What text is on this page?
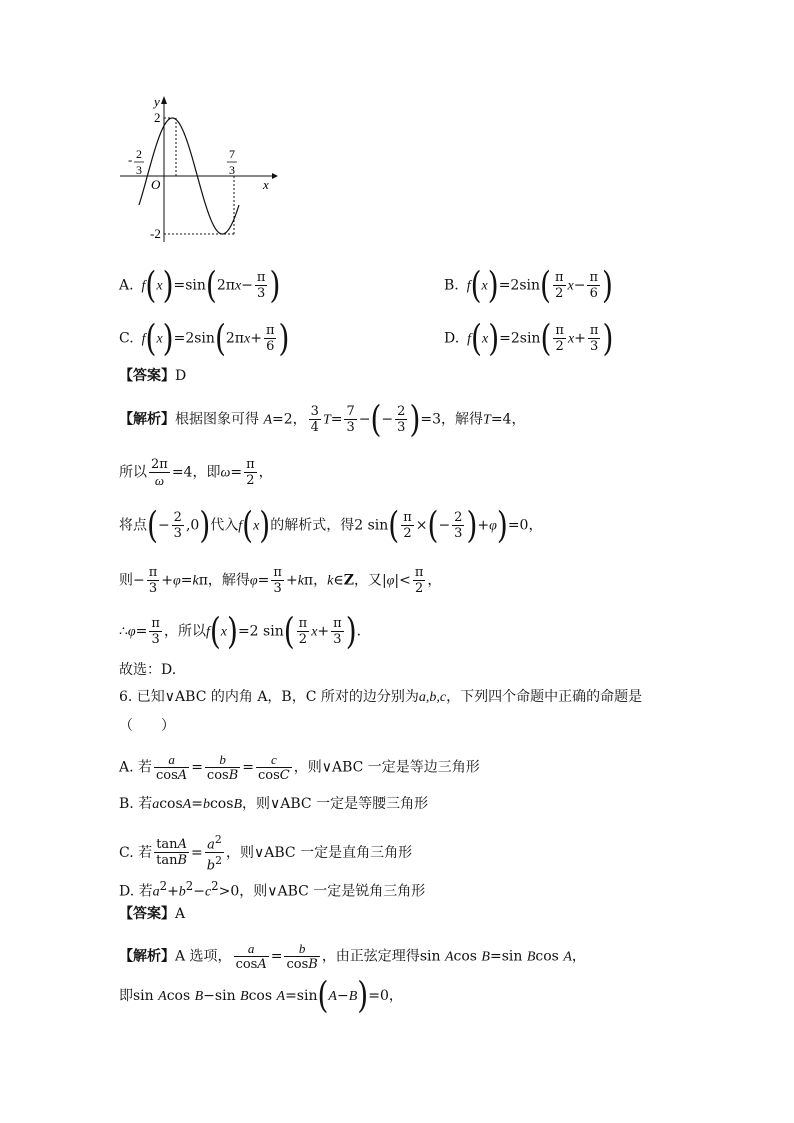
y
x
O
2
-2
- 2
3
7
3
A.  $f(x)=\sin(2\pi x- \frac{\pi}{3}$ )	B.  $f(x)=2\sin( \frac{\pi}{2} x- \frac{\pi}{6}$ )
C.  $f(x)=2\sin(2\pi x+ \frac{\pi}{6}$ )	D.  $f(x)=2\sin( \frac{\pi}{2} x+ \frac{\pi}{3}$ )
【答案】D
【解析】根据图象可得 A=2， $\frac{3}{4} T= \frac{7}{3}$ −(− $\frac{2}{3} )=3$，解得T=4，
所以 $\frac{2\pi}{\omega} =4$，即$\omega= \frac{\pi}{2}$ ，
将点(− $\frac{2}{3} ,0$)代入f(x)的解析式，得2 $\sin( \frac{\pi}{2}$ ×(− $\frac{2}{3} )+\varphi)=0$，
则− $\frac{\pi}{3} +\varphi=k\pi$，解得$\varphi= \frac{\pi}{3} +k\pi$，k∈Z，又$|\varphi|< \frac{\pi}{2}$ ，
∴φ= $\frac{\pi}{3}$ ，所以f(x)=2 $\sin( \frac{\pi}{2} x+ \frac{\pi}{3}$ ).
故选：D.
6. 已知∨ABC 的内角 A，B，C 所对的边分别为a,b,c，下列四个命题中正确的命题是
（　　）
A. 若 $\frac{a}{\cos A} = \frac{b}{\cos B} = \frac{c}{\cos C}$ ，则∨ABC 一定是等边三角形
B. 若acosA=bcosB，则∨ABC 一定是等腰三角形
C. 若 $\frac{\tan A}{\tan B} = \frac{a^2}{b^2}$ ，则∨ABC 一定是直角三角形
D. 若$a^2+b^2-c^2>0$，则∨ABC 一定是锐角三角形
【答案】A
【解析】A 选项， $\frac{a}{\cos A} = \frac{b}{\cos B}$ ，由正弦定理得sin Acos B=sin Bcos A，
即sin Acos B−sin Bcos A=sin(A−B)=0，
